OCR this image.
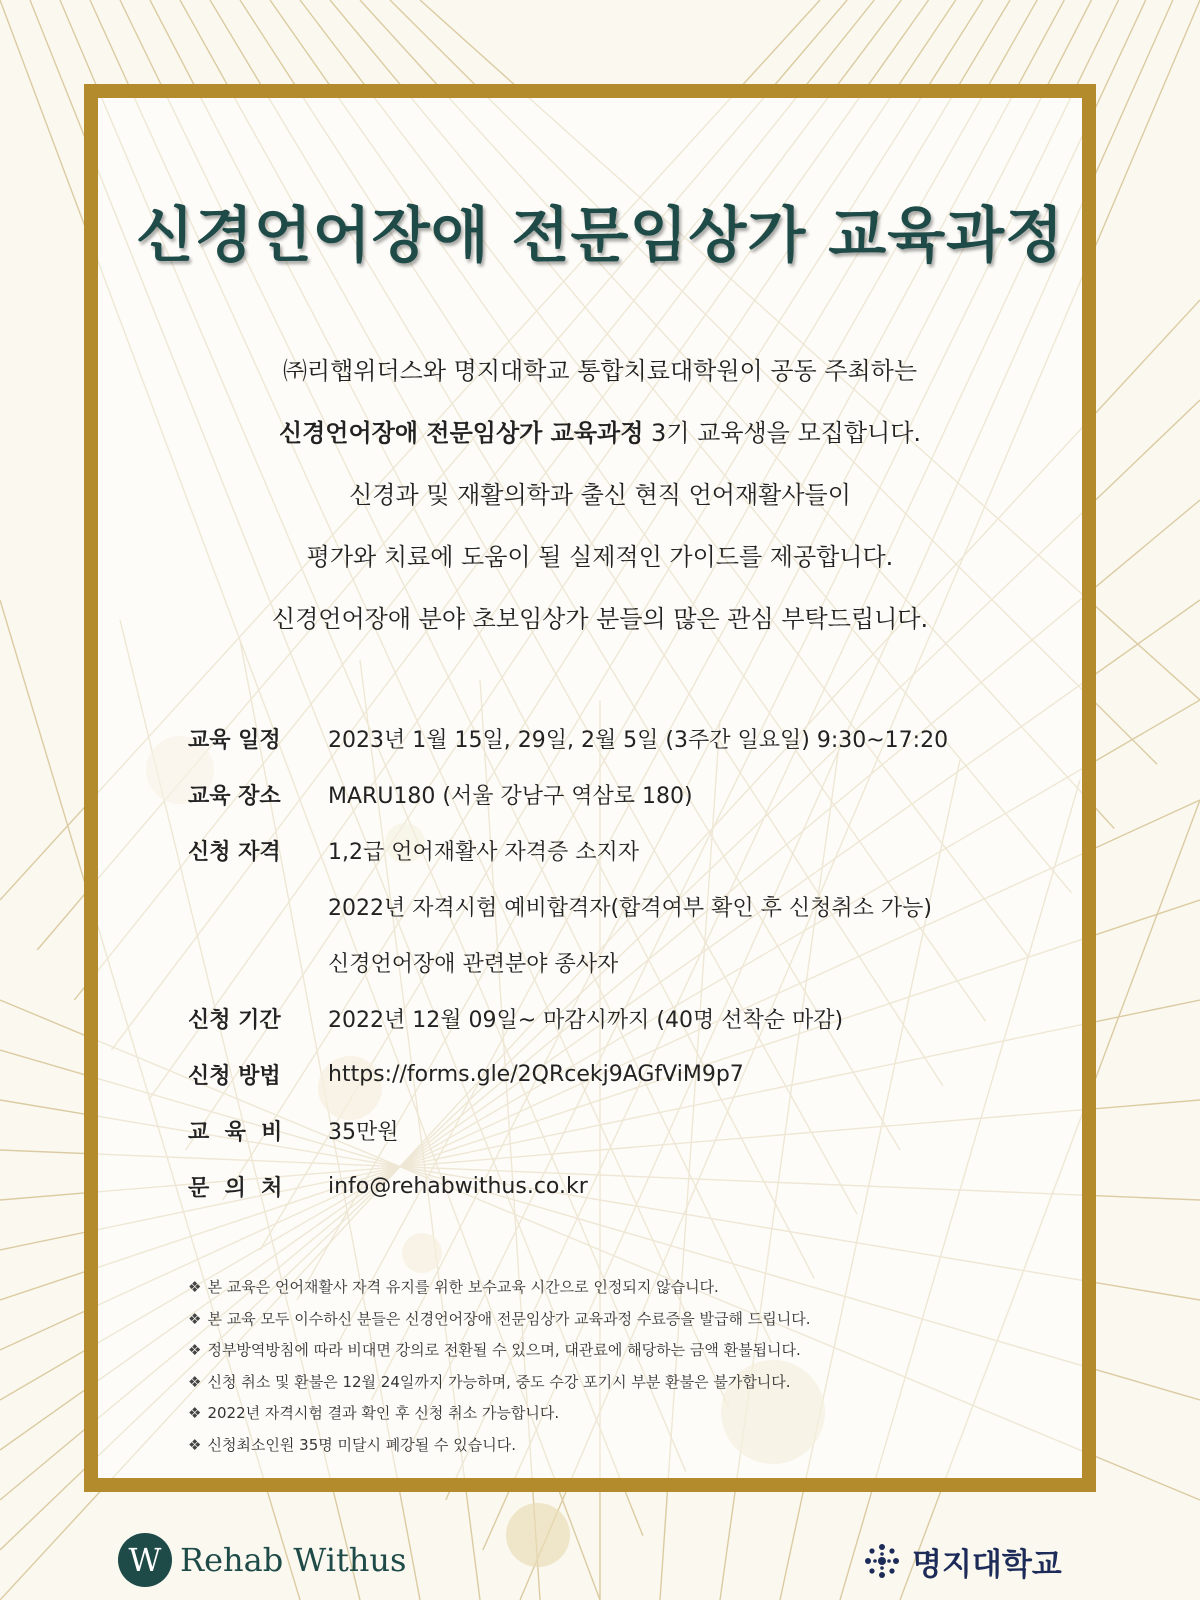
신경언어장애 전문임상가 교육과정
㈜리햅위더스와 명지대학교 통합치료대학원이 공동 주최하는
신경언어장애 전문임상가 교육과정 3기 교육생을 모집합니다.
신경과 및 재활의학과 출신 현직 언어재활사들이
평가와 치료에 도움이 될 실제적인 가이드를 제공합니다.
신경언어장애 분야 초보임상가 분들의 많은 관심 부탁드립니다.
교육 일정	2023년 1월 15일, 29일, 2월 5일 (3주간 일요일) 9:30~17:20
교육 장소	MARU180 (서울 강남구 역삼로 180)
신청 자격	1,2급 언어재활사 자격증 소지자
2022년 자격시험 예비합격자(합격여부 확인 후 신청취소 가능)
신경언어장애 관련분야 종사자
신청 기간	2022년 12월 09일~ 마감시까지 (40명 선착순 마감)
신청 방법	https://forms.gle/2QRcekj9AGfViM9p7
교  육  비	35만원
문  의  처	info@rehabwithus.co.kr
❖ 본 교육은 언어재활사 자격 유지를 위한 보수교육 시간으로 인정되지 않습니다.
❖ 본 교육 모두 이수하신 분들은 신경언어장애 전문임상가 교육과정 수료증을 발급해 드립니다.
❖ 정부방역방침에 따라 비대면 강의로 전환될 수 있으며, 대관료에 해당하는 금액 환불됩니다.
❖ 신청 취소 및 환불은 12월 24일까지 가능하며, 중도 수강 포기시 부분 환불은 불가합니다.
❖ 2022년 자격시험 결과 확인 후 신청 취소 가능합니다.
❖ 신청최소인원 35명 미달시 폐강될 수 있습니다.
W Rehab Withus	명지대학교
